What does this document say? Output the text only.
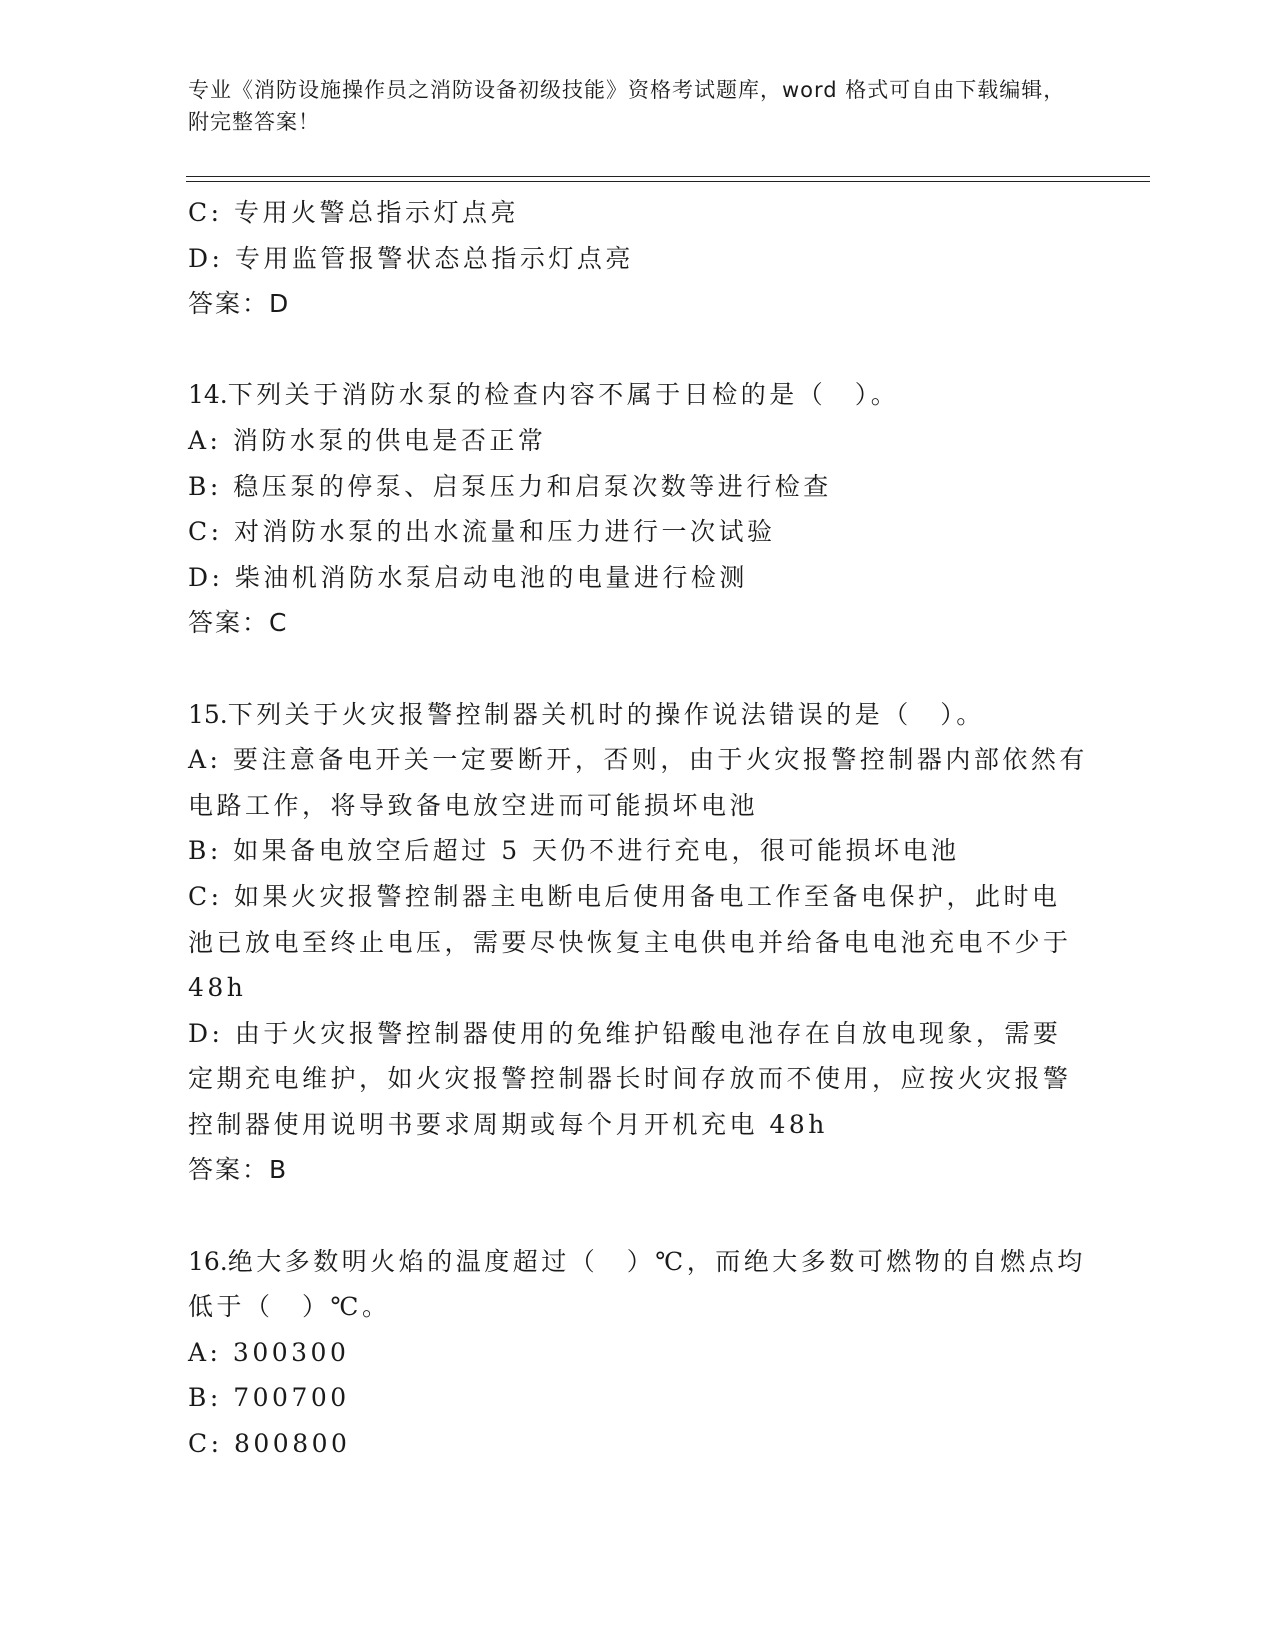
专业《消防设施操作员之消防设备初级技能》资格考试题库，word 格式可自由下载编辑，附完整答案！
C: 专用火警总指示灯点亮
D: 专用监管报警状态总指示灯点亮
答案：D
14.下列关于消防水泵的检查内容不属于日检的是（　）。
A: 消防水泵的供电是否正常
B: 稳压泵的停泵、启泵压力和启泵次数等进行检查
C: 对消防水泵的出水流量和压力进行一次试验
D: 柴油机消防水泵启动电池的电量进行检测
答案：C
15.下列关于火灾报警控制器关机时的操作说法错误的是（　）。
A: 要注意备电开关一定要断开，否则，由于火灾报警控制器内部依然有电路工作，将导致备电放空进而可能损坏电池
B: 如果备电放空后超过 5 天仍不进行充电，很可能损坏电池
C: 如果火灾报警控制器主电断电后使用备电工作至备电保护，此时电池已放电至终止电压，需要尽快恢复主电供电并给备电电池充电不少于 48h
D: 由于火灾报警控制器使用的免维护铅酸电池存在自放电现象，需要定期充电维护，如火灾报警控制器长时间存放而不使用，应按火灾报警控制器使用说明书要求周期或每个月开机充电 48h
答案：B
16.绝大多数明火焰的温度超过（　）℃，而绝大多数可燃物的自燃点均低于（　）℃。
A: 300300
B: 700700
C: 800800
